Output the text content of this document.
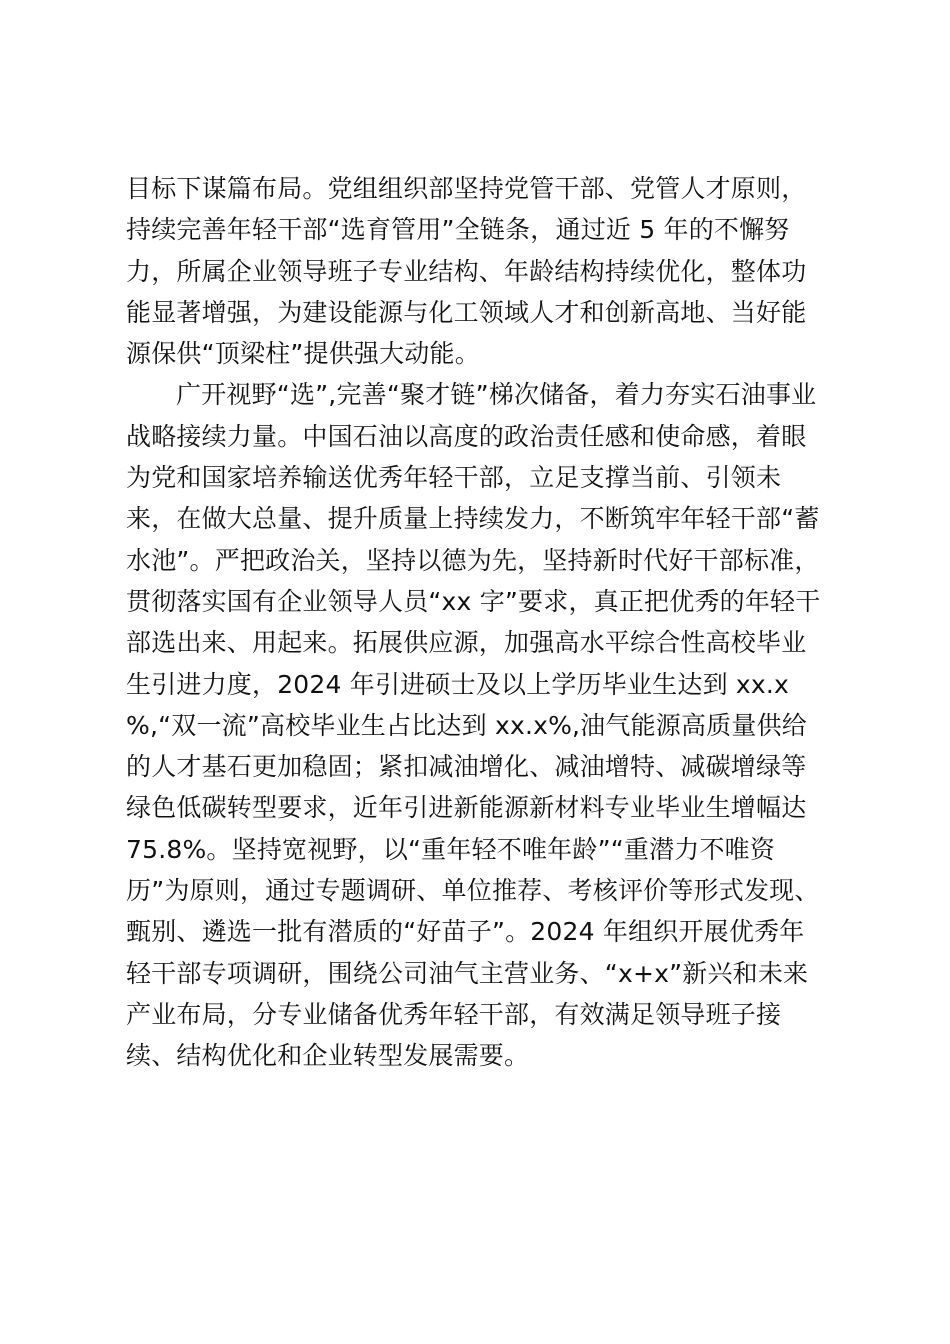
目标下谋篇布局。党组组织部坚持党管干部、党管人才原则，
持续完善年轻干部“选育管用”全链条，通过近 5 年的不懈努
力，所属企业领导班子专业结构、年龄结构持续优化，整体功
能显著增强，为建设能源与化工领域人才和创新高地、当好能
源保供“顶梁柱”提供强大动能。
广开视野“选”,完善“聚才链”梯次储备，着力夯实石油事业
战略接续力量。中国石油以高度的政治责任感和使命感，着眼
为党和国家培养输送优秀年轻干部，立足支撑当前、引领未
来，在做大总量、提升质量上持续发力，不断筑牢年轻干部“蓄
水池”。严把政治关，坚持以德为先，坚持新时代好干部标准，
贯彻落实国有企业领导人员“xx 字”要求，真正把优秀的年轻干
部选出来、用起来。拓展供应源，加强高水平综合性高校毕业
生引进力度，2024 年引进硕士及以上学历毕业生达到 xx.x
%,“双一流”高校毕业生占比达到 xx.x%,油气能源高质量供给
的人才基石更加稳固；紧扣减油增化、减油增特、减碳增绿等
绿色低碳转型要求，近年引进新能源新材料专业毕业生增幅达
75.8%。坚持宽视野，以“重年轻不唯年龄”“重潜力不唯资
历”为原则，通过专题调研、单位推荐、考核评价等形式发现、
甄别、遴选一批有潜质的“好苗子”。2024 年组织开展优秀年
轻干部专项调研，围绕公司油气主营业务、“x+x”新兴和未来
产业布局，分专业储备优秀年轻干部，有效满足领导班子接
续、结构优化和企业转型发展需要。
